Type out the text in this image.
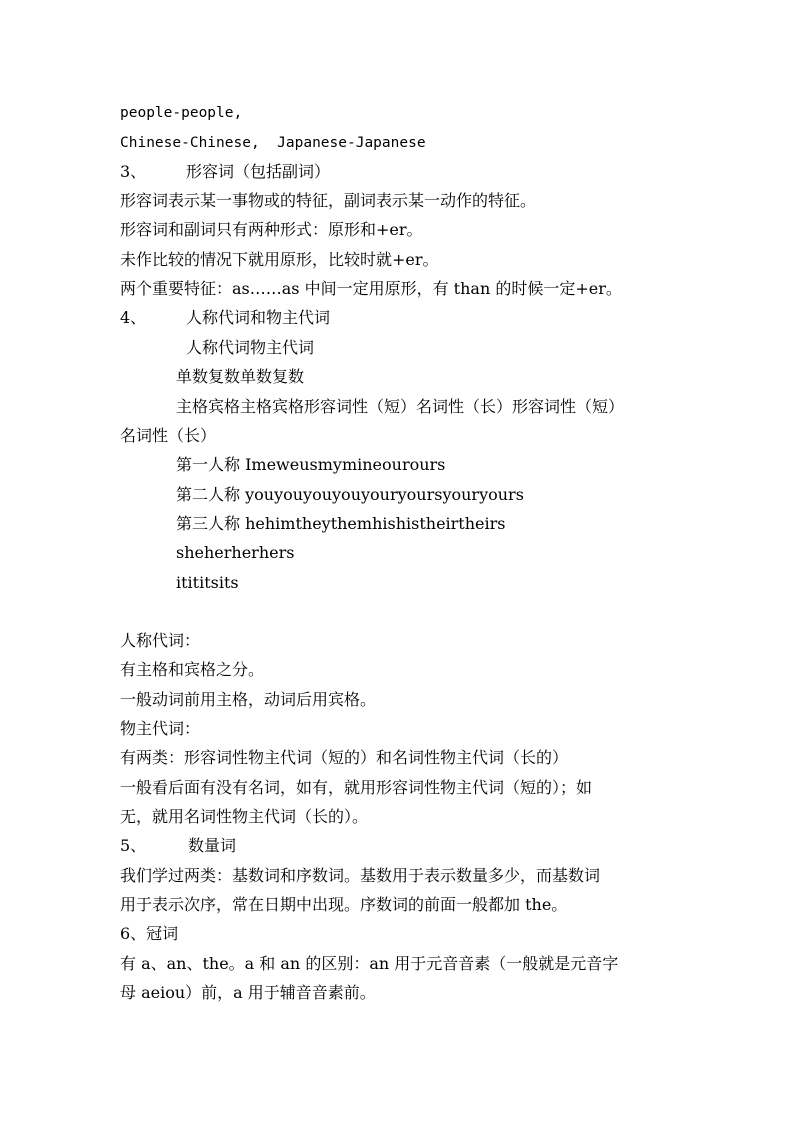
people-people,
Chinese-Chinese, Japanese-Japanese
3、 形容词（包括副词）
形容词表示某一事物或的特征，副词表示某一动作的特征。
形容词和副词只有两种形式：原形和+er。
未作比较的情况下就用原形，比较时就+er。
两个重要特征：as……as 中间一定用原形，有 than 的时候一定+er。
4、 人称代词和物主代词
人称代词物主代词
单数复数单数复数
主格宾格主格宾格形容词性（短）名词性（长）形容词性（短）
名词性（长）
第一人称 Imeweusmymineourours
第二人称 youyouyouyouyouryoursyouryours
第三人称 hehimtheythemhishistheirtheirs
sheherherhers
itititsits
人称代词：
有主格和宾格之分。
一般动词前用主格，动词后用宾格。
物主代词：
有两类：形容词性物主代词（短的）和名词性物主代词（长的）
一般看后面有没有名词，如有，就用形容词性物主代词（短的）；如
无，就用名词性物主代词（长的）。
5、	数量词
我们学过两类：基数词和序数词。基数用于表示数量多少，而基数词
用于表示次序，常在日期中出现。序数词的前面一般都加 the。
6、冠词
有 a、an、the。a 和 an 的区别：an 用于元音音素（一般就是元音字
母 aeiou）前，a 用于辅音音素前。
